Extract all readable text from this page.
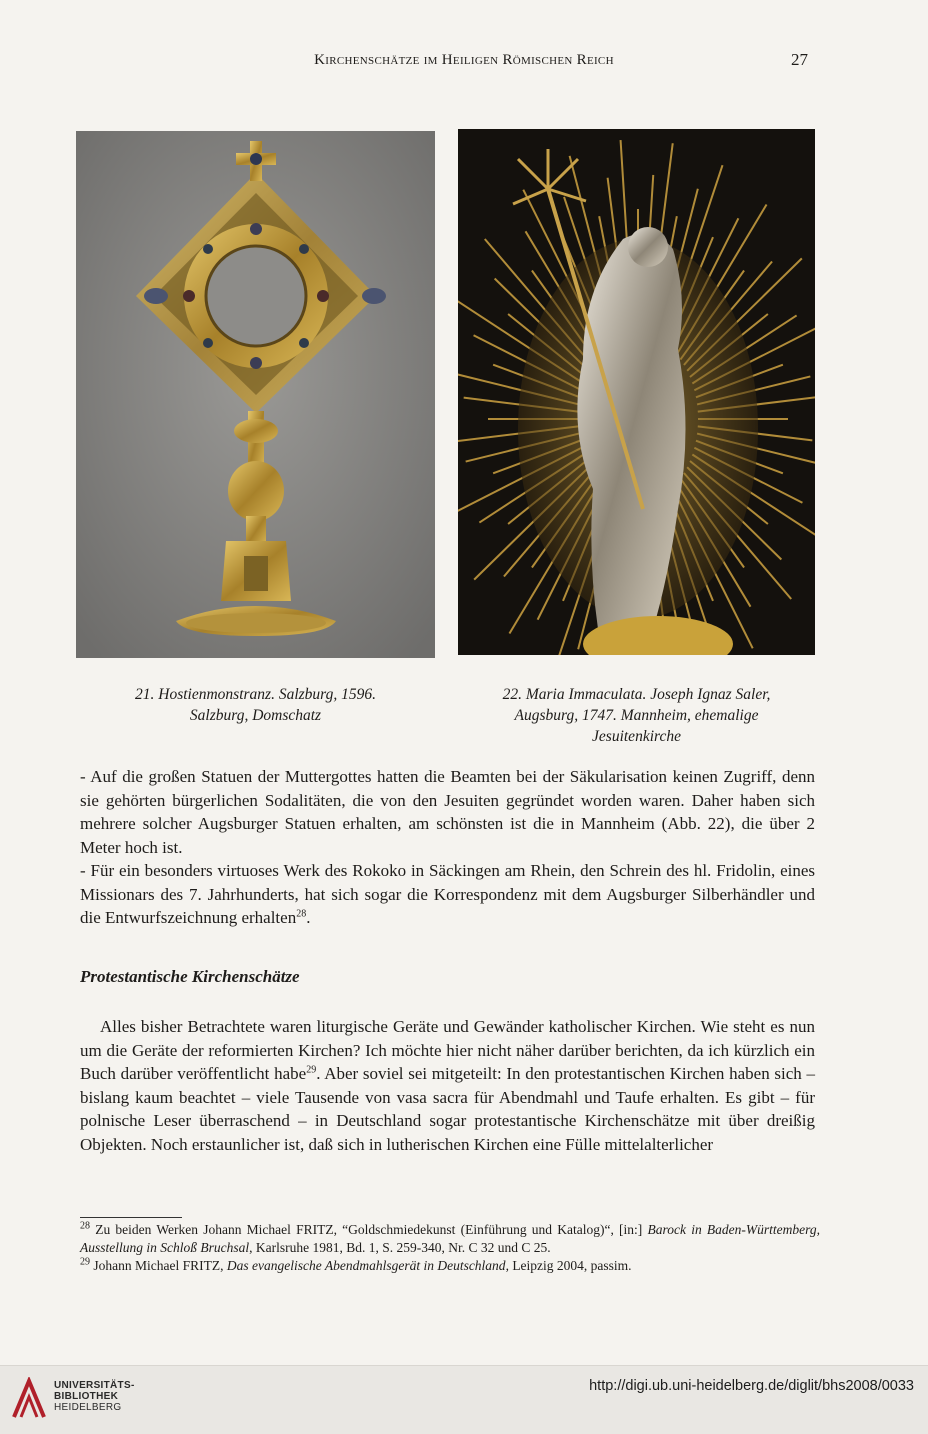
Kirchenschätze im Heiligen Römischen Reich	27
21. Hostienmonstranz. Salzburg, 1596.
Salzburg, Domschatz
22. Maria Immaculata. Joseph Ignaz Saler,
Augsburg, 1747. Mannheim, ehemalige
Jesuitenkirche
- Auf die großen Statuen der Muttergottes hatten die Beamten bei der Säkularisation keinen Zugriff, denn sie gehörten bürgerlichen Sodalitäten, die von den Jesuiten gegründet worden waren. Daher haben sich mehrere solcher Augsburger Statuen erhalten, am schönsten ist die in Mannheim (Abb. 22), die über 2 Meter hoch ist.
- Für ein besonders virtuoses Werk des Rokoko in Säckingen am Rhein, den Schrein des hl. Fridolin, eines Missionars des 7. Jahrhunderts, hat sich sogar die Korrespondenz mit dem Augsburger Silberhändler und die Entwurfszeichnung erhalten$^{28}$.
Protestantische Kirchenschätze
Alles bisher Betrachtete waren liturgische Geräte und Gewänder katholischer Kirchen. Wie steht es nun um die Geräte der reformierten Kirchen? Ich möchte hier nicht näher darüber berichten, da ich kürzlich ein Buch darüber veröffentlicht habe$^{29}$. Aber soviel sei mitgeteilt: In den protestantischen Kirchen haben sich – bislang kaum beachtet – viele Tausende von vasa sacra für Abendmahl und Taufe erhalten. Es gibt – für polnische Leser überraschend – in Deutschland sogar protestantische Kirchenschätze mit über dreißig Objekten. Noch erstaunlicher ist, daß sich in lutherischen Kirchen eine Fülle mittelalterlicher

$^{28}$ Zu beiden Werken Johann Michael FRITZ, “Goldschmiedekunst (Einführung und Katalog)“, [in:] Barock in Baden-Württemberg, Ausstellung in Schloß Bruchsal, Karlsruhe 1981, Bd. 1, S. 259-340, Nr. C 32 und C 25.

$^{29}$ Johann Michael FRITZ, Das evangelische Abendmahlsgerät in Deutschland, Leipzig 2004, passim.

UNIVERSITÄTS-
BIBLIOTHEK
HEIDELBERG
http://digi.ub.uni-heidelberg.de/diglit/bhs2008/0033
